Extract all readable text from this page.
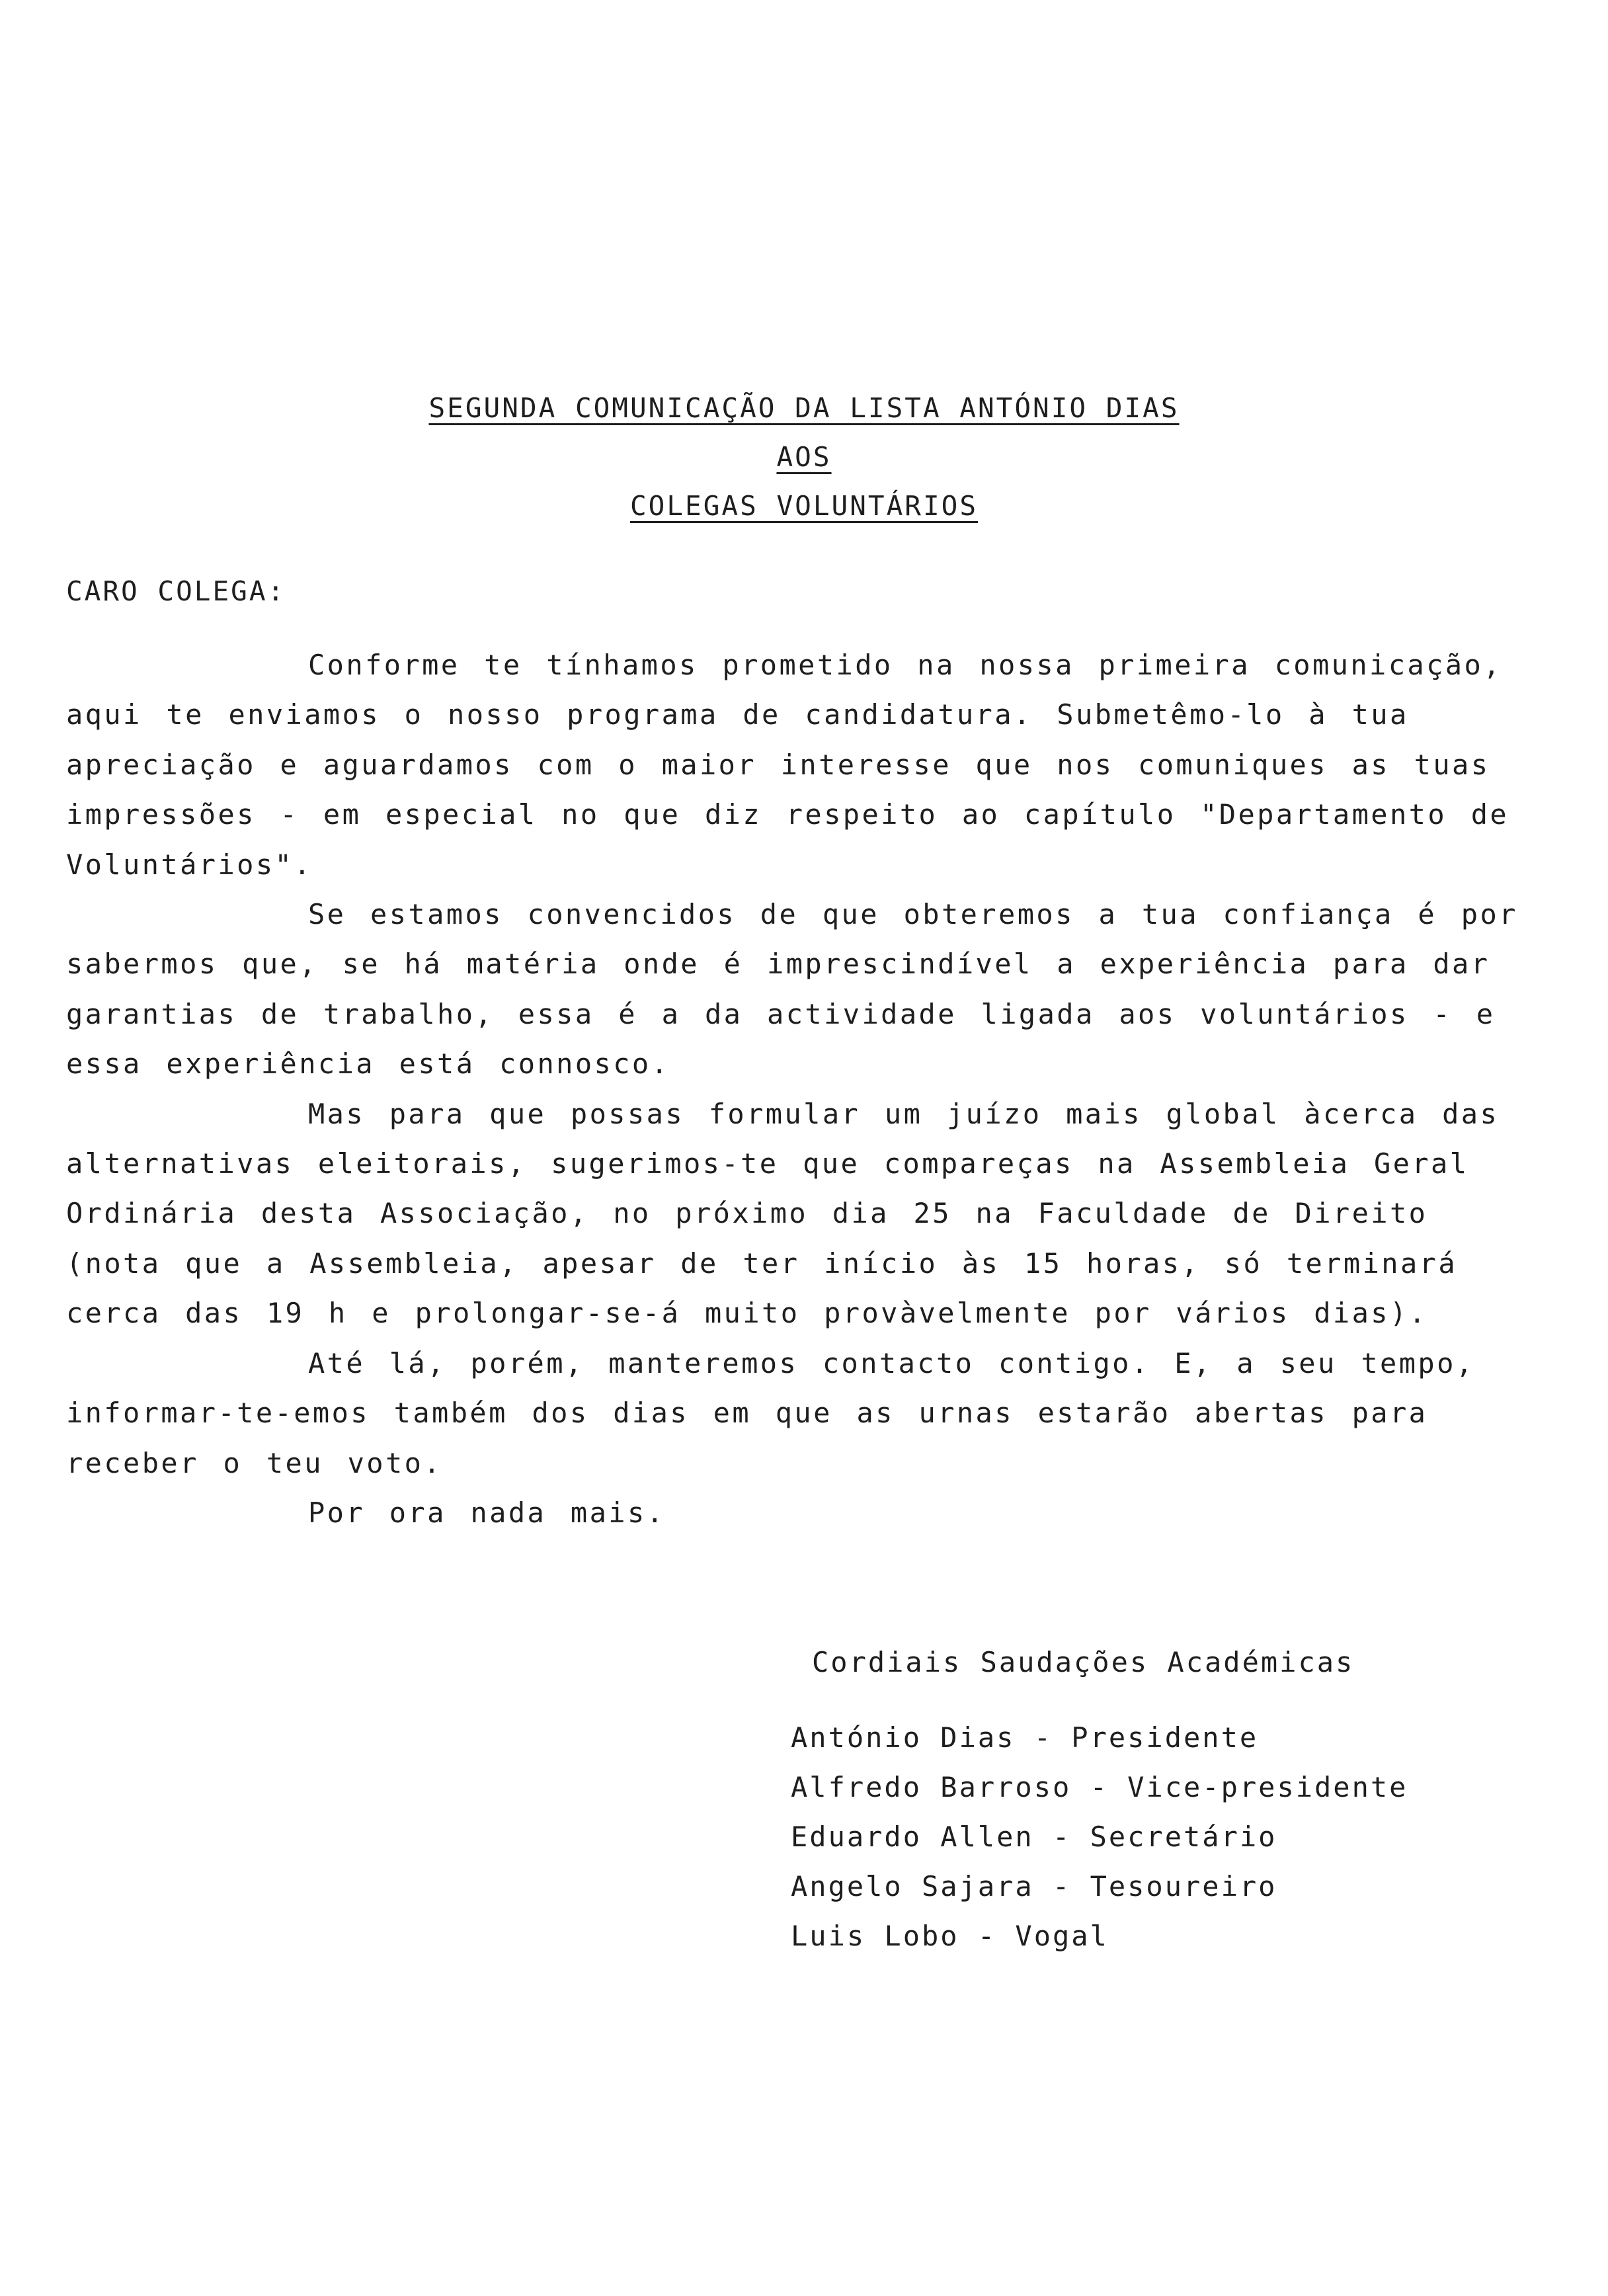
SEGUNDA COMUNICAÇÃO DA LISTA ANTÓNIO DIAS
AOS
COLEGAS VOLUNTÁRIOS
CARO COLEGA:

Conforme te tínhamos prometido na nossa primeira comunicação, aqui te enviamos o nosso programa de candidatura. Submetêmo-lo à tua apreciação e aguardamos com o maior interesse que nos comuniques as tuas impressões - em especial no que diz respeito ao capítulo "Departamento de Voluntários".

Se estamos convencidos de que obteremos a tua confiança é por sabermos que, se há matéria onde é imprescindível a experiência para dar garantias de trabalho, essa é a da actividade ligada aos voluntários - e essa experiência está connosco.

Mas para que possas formular um juízo mais global àcerca das alternativas eleitorais, sugerimos-te que compareças na Assembleia Geral Ordinária desta Associação, no próximo dia 25 na Faculdade de Direito (nota que a Assembleia, apesar de ter início às 15 horas, só terminará cerca das 19 h e prolongar-se-á muito provàvelmente por vários dias).

Até lá, porém, manteremos contacto contigo. E, a seu tempo, informar-te-emos também dos dias em que as urnas estarão abertas para receber o teu voto.

Por ora nada mais.

Cordiais Saudações Académicas
António Dias - Presidente
Alfredo Barroso - Vice-presidente
Eduardo Allen - Secretário
Angelo Sajara - Tesoureiro
Luis Lobo - Vogal
